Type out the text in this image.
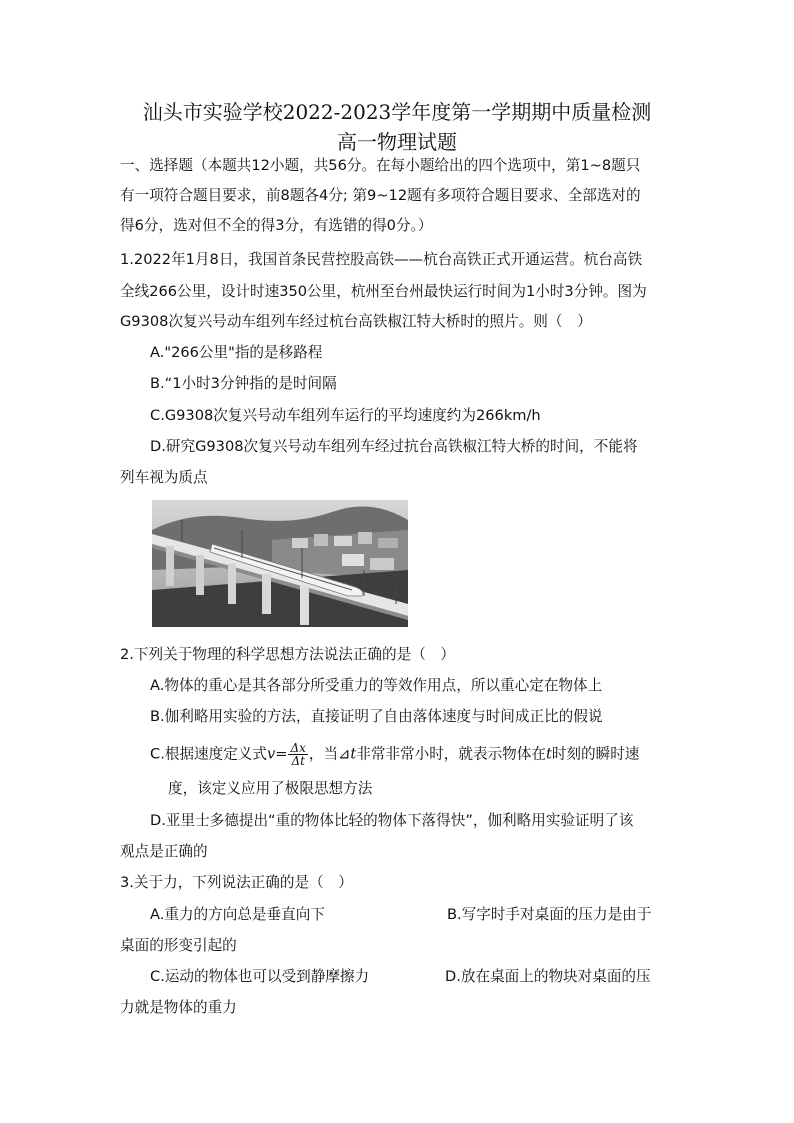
汕头市实验学校2022-2023学年度第一学期期中质量检测
高一物理试题
一、选择题（本题共12小题，共56分。在每小题给出的四个选项中，第1~8题只
有一项符合题目要求，前8题各4分; 第9~12题有多项符合题目要求、全部选对的
得6分，选对但不全的得3分，有选错的得0分。）
1.2022年1月8日，我国首条民营控股高铁——杭台高铁正式开通运营。杭台高铁
全线266公里，设计时速350公里，杭州至台州最快运行时间为1小时3分钟。图为
G9308次复兴号动车组列车经过杭台高铁椒江特大桥时的照片。则（　）
A."266公里"指的是移路程
B.“1小时3分钟指的是时间隔
C.G9308次复兴号动车组列车运行的平均速度约为266km/h
D.研究G9308次复兴号动车组列车经过抗台高铁椒江特大桥的时间，不能将
列车视为质点
2.下列关于物理的科学思想方法说法正确的是（　）
A.物体的重心是其各部分所受重力的等效作用点，所以重心定在物体上
B.伽利略用实验的方法，直接证明了自由落体速度与时间成正比的假说
C.根据速度定义式$v= \frac{\Delta x}{\Delta t}$ ，当⊿t非常非常小时，就表示物体在t时刻的瞬时速
度，该定义应用了极限思想方法
D.亚里士多德提出“重的物体比轻的物体下落得快”，伽利略用实验证明了该
观点是正确的
3.关于力，下列说法正确的是（　）
A.重力的方向总是垂直向下	B.写字时手对桌面的压力是由于
桌面的形变引起的
C.运动的物体也可以受到静摩擦力	D.放在桌面上的物块对桌面的压
力就是物体的重力
